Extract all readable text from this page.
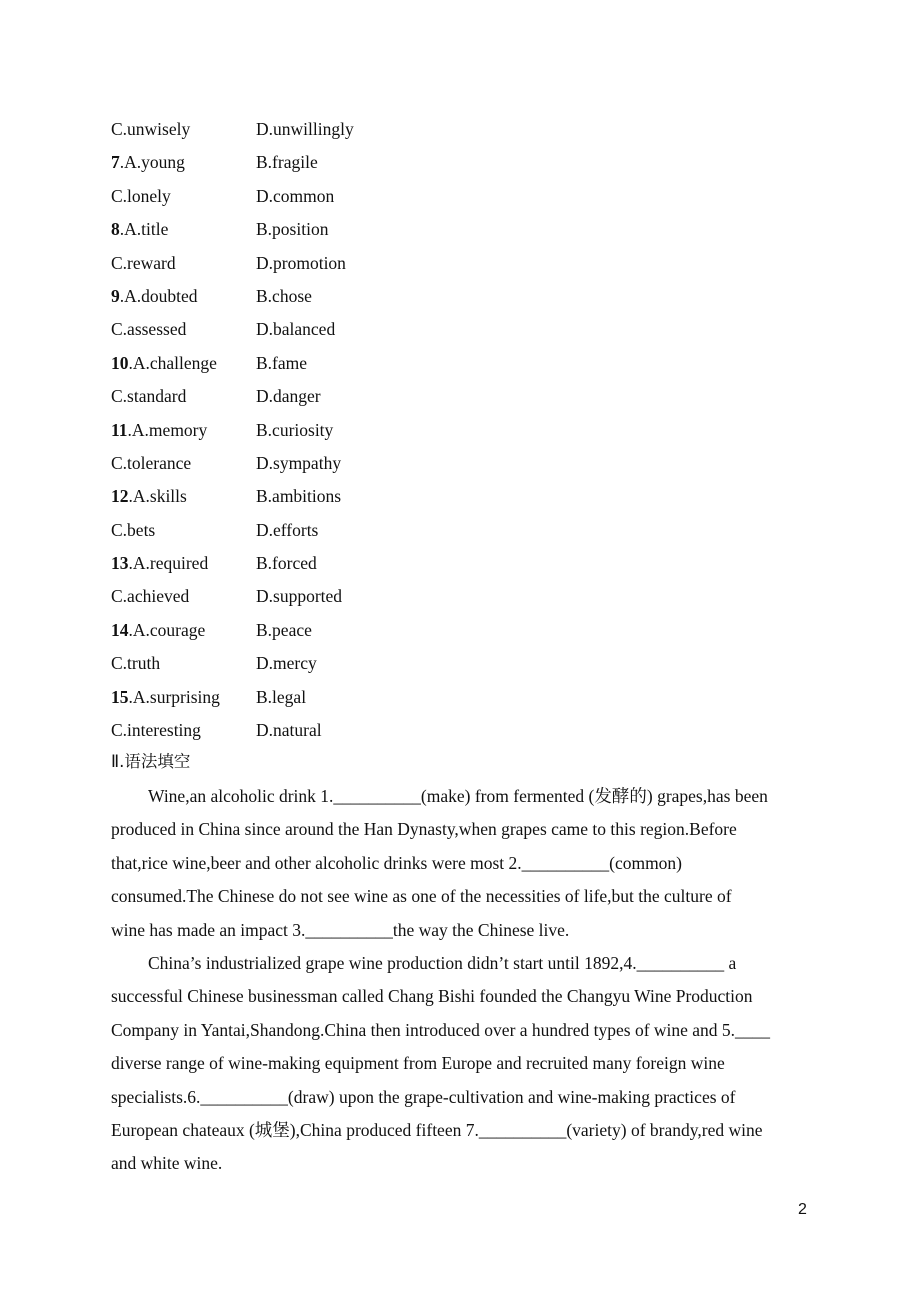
C.unwisely	D.unwillingly
7.A.young	B.fragile
C.lonely	D.common
8.A.title	B.position
C.reward	D.promotion
9.A.doubted	B.chose
C.assessed	D.balanced
10.A.challenge B.fame
C.standard	D.danger
11.A.memory	B.curiosity
C.tolerance	D.sympathy
12.A.skills	B.ambitions
C.bets	D.efforts
13.A.required	B.forced
C.achieved	D.supported
14.A.courage	B.peace
C.truth	D.mercy
15.A.surprising B.legal
C.interesting	D.natural
Ⅱ.语法填空
Wine,an alcoholic drink 1.__________(make) from fermented (发酵的) grapes,has been
produced in China since around the Han Dynasty,when grapes came to this region.Before
that,rice wine,beer and other alcoholic drinks were most 2.__________(common)
consumed.The Chinese do not see wine as one of the necessities of life,but the culture of
wine has made an impact 3.__________the way the Chinese live.
China’s industrialized grape wine production didn’t start until 1892,4.__________ a
successful Chinese businessman called Chang Bishi founded the Changyu Wine Production
Company in Yantai,Shandong.China then introduced over a hundred types of wine and 5.____
diverse range of wine-making equipment from Europe and recruited many foreign wine
specialists.6.__________(draw) upon the grape-cultivation and wine-making practices of
European chateaux (城堡),China produced fifteen 7.__________(variety) of brandy,red wine
and white wine.
2
